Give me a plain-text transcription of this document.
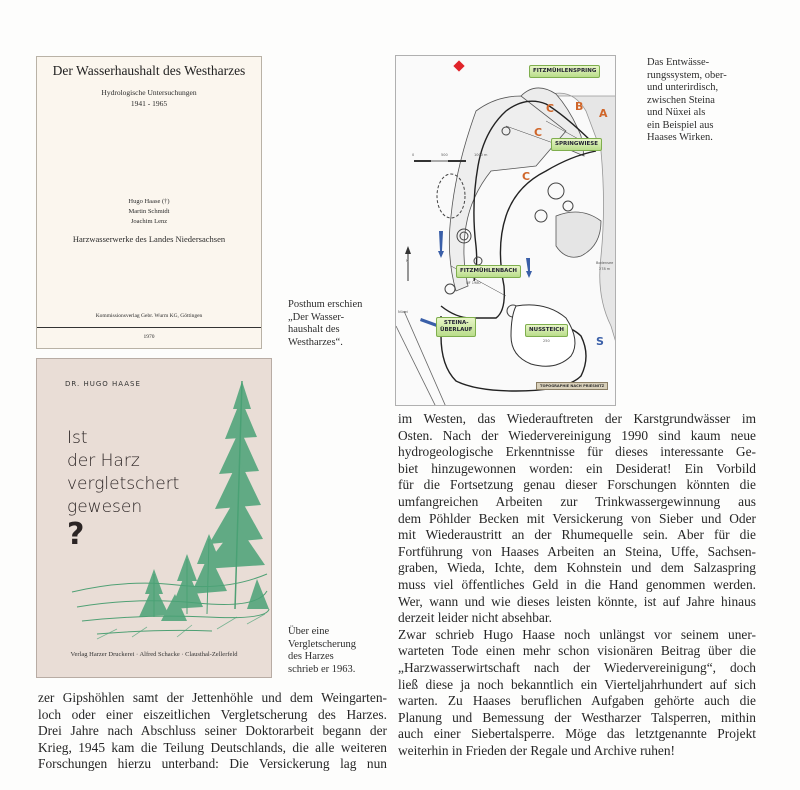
Der Wasserhaushalt des Westharzes
Hydrologische Untersuchungen
1941 - 1965
Hugo Haase (†)
Martin Schmidt
Joachim Lenz
Harzwasserwerke des Landes Niedersachsen
Kommissionsverlag Gebr. Wurm KG, Göttingen
1970
Posthum erschien
„Der Wasser-
haushalt des
Westharzes“.
DR. HUGO HAASE
Ist
der Harz
vergletschert
gewesen
?
Verlag Harzer Druckerei · Alfred Schacke · Clausthal-Zellerfeld
Über eine
Vergletscherung
des Harzes
schrieb er 1963.
FITZMÜHLENSPRING
SPRINGWIESE
FITZMÜHLENBACH
STEINA-
ÜBERLAUF	NUSSTEICH
TOPOGRAPHIE NACH PRIESNITZ
A
B
C
C
C
S
0	500	1000 m
Nüxei
250
Bodensee
278 m
NF 1980
N
Das Entwässe-
rungssystem, ober-
und unterirdisch,
zwischen Steina
und Nüxei als
ein Beispiel aus
Haases Wirken.
zer Gipshöhlen samt der Jettenhöhle und dem Weingarten-
loch oder einer eiszeitlichen Vergletscherung des Harzes.
Drei Jahre nach Abschluss seiner Doktorarbeit begann der
Krieg, 1945 kam die Teilung Deutschlands, die alle weiteren
Forschungen hierzu unterband: Die Versickerung lag nun
im Westen, das Wiederauftreten der Karstgrundwässer im
Osten. Nach der Wiedervereinigung 1990 sind kaum neue
hydrogeologische Erkenntnisse für dieses interessante Ge-
biet hinzugewonnen worden: ein Desiderat! Ein Vorbild
für die Fortsetzung genau dieser Forschungen könnten die
umfangreichen Arbeiten zur Trinkwassergewinnung aus
dem Pöhlder Becken mit Versickerung von Sieber und Oder
mit Wiederaustritt an der Rhumequelle sein. Aber für die
Fortführung von Haases Arbeiten an Steina, Uffe, Sachsen-
graben, Wieda, Ichte, dem Kohnstein und dem Salzaspring
muss viel öffentliches Geld in die Hand genommen werden.
Wer, wann und wie dieses leisten könnte, ist auf Jahre hinaus
derzeit leider nicht absehbar.
Zwar schrieb Hugo Haase noch unlängst vor seinem uner-
warteten Tode einen mehr schon visionären Beitrag über die
„Harzwasserwirtschaft nach der Wiedervereinigung“, doch
ließ diese ja noch bekanntlich ein Vierteljahrhundert auf sich
warten. Zu Haases beruflichen Aufgaben gehörte auch die
Planung und Bemessung der Westharzer Talsperren, mithin
auch einer Siebertalsperre. Möge das letztgenannte Projekt
weiterhin in Frieden der Regale und Archive ruhen!
